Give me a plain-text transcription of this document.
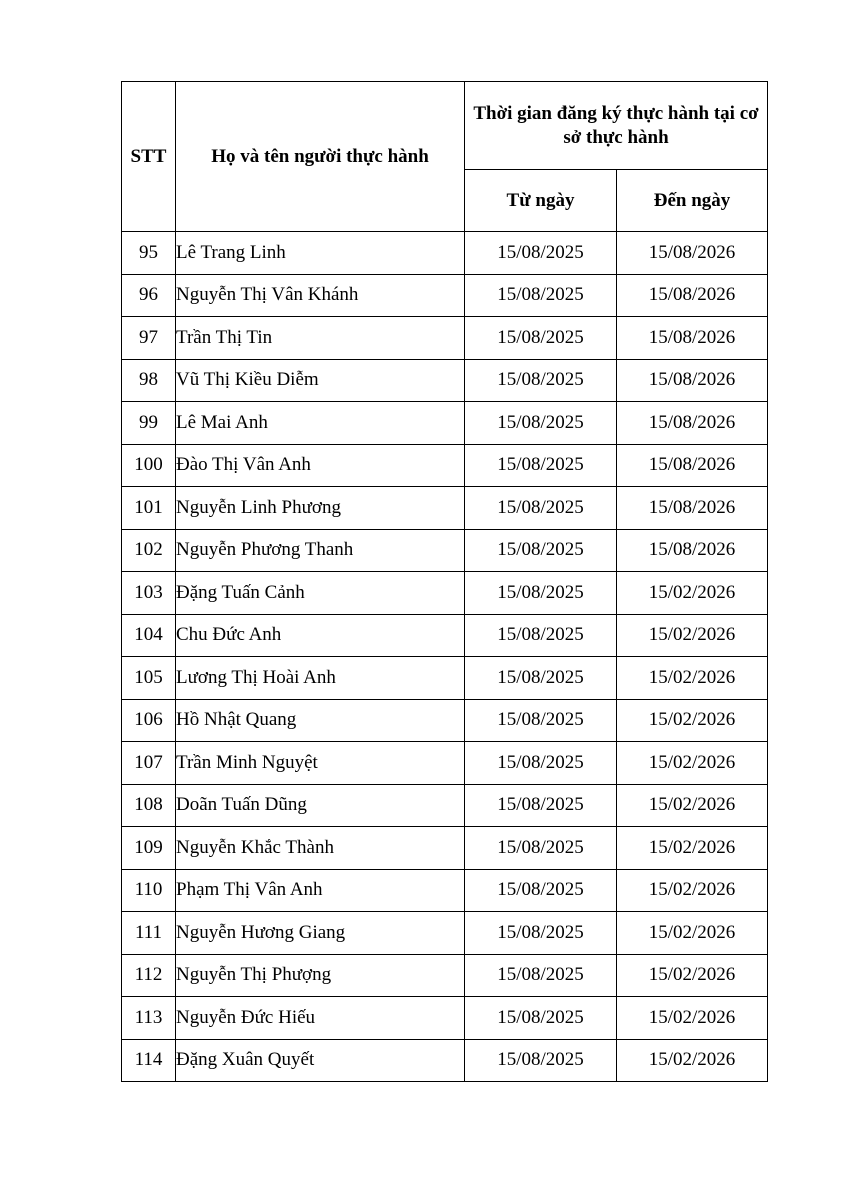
STT	Họ và tên người thực hành	Thời gian đăng ký thực hành tại cơ sở thực hành	
		Từ ngày	Đến ngày
95	Lê Trang Linh	15/08/2025	15/08/2026
96	Nguyễn Thị Vân Khánh	15/08/2025	15/08/2026
97	Trần Thị Tin	15/08/2025	15/08/2026
98	Vũ Thị Kiều Diễm	15/08/2025	15/08/2026
99	Lê Mai Anh	15/08/2025	15/08/2026
100	Đào Thị Vân Anh	15/08/2025	15/08/2026
101	Nguyễn Linh Phương	15/08/2025	15/08/2026
102	Nguyễn Phương Thanh	15/08/2025	15/08/2026
103	Đặng Tuấn Cảnh	15/08/2025	15/02/2026
104	Chu Đức Anh	15/08/2025	15/02/2026
105	Lương Thị Hoài Anh	15/08/2025	15/02/2026
106	Hồ Nhật Quang	15/08/2025	15/02/2026
107	Trần Minh Nguyệt	15/08/2025	15/02/2026
108	Doãn Tuấn Dũng	15/08/2025	15/02/2026
109	Nguyễn Khắc Thành	15/08/2025	15/02/2026
110	Phạm Thị Vân Anh	15/08/2025	15/02/2026
111	Nguyễn Hương Giang	15/08/2025	15/02/2026
112	Nguyễn Thị Phượng	15/08/2025	15/02/2026
113	Nguyễn Đức Hiếu	15/08/2025	15/02/2026
114	Đặng Xuân Quyết	15/08/2025	15/02/2026
